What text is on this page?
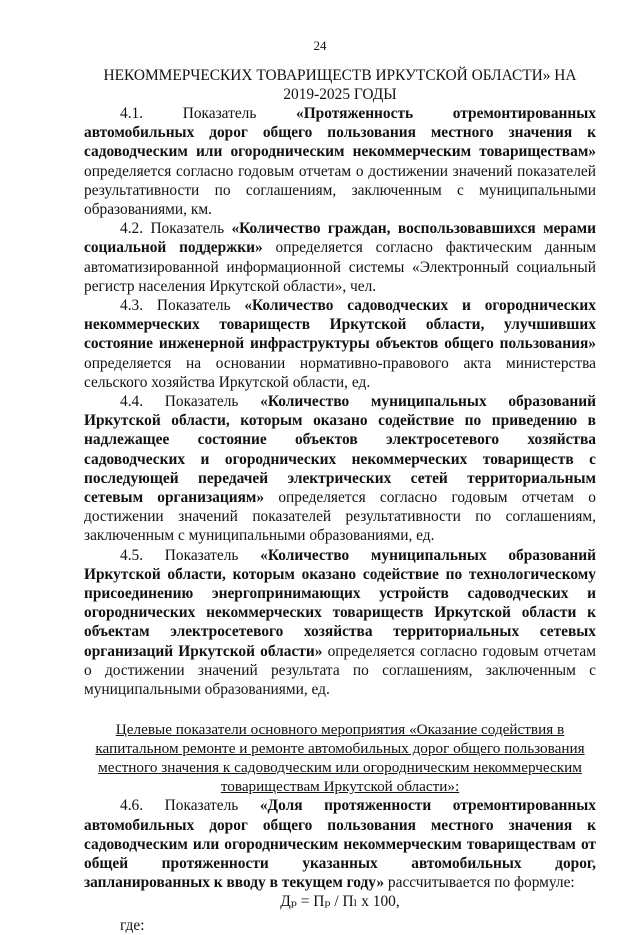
24
НЕКОММЕРЧЕСКИХ ТОВАРИЩЕСТВ ИРКУТСКОЙ ОБЛАСТИ» НА 2019-2025 ГОДЫ

4.1. Показатель «Протяженность отремонтированных автомобильных дорог общего пользования местного значения к садоводческим или огородническим некоммерческим товариществам» определяется согласно годовым отчетам о достижении значений показателей результативности по соглашениям, заключенным с муниципальными образованиями, км.

4.2. Показатель «Количество граждан, воспользовавшихся мерами социальной поддержки» определяется согласно фактическим данным автоматизированной информационной системы «Электронный социальный регистр населения Иркутской области», чел.

4.3. Показатель «Количество садоводческих и огороднических некоммерческих товариществ Иркутской области, улучшивших состояние инженерной инфраструктуры объектов общего пользования» определяется на основании нормативно-правового акта министерства сельского хозяйства Иркутской области, ед.

4.4. Показатель «Количество муниципальных образований Иркутской области, которым оказано содействие по приведению в надлежащее состояние объектов электросетевого хозяйства садоводческих и огороднических некоммерческих товариществ с последующей передачей электрических сетей территориальным сетевым организациям» определяется согласно годовым отчетам о достижении значений показателей результативности по соглашениям, заключенным с муниципальными образованиями, ед.

4.5. Показатель «Количество муниципальных образований Иркутской области, которым оказано содействие по технологическому присоединению энергопринимающих устройств садоводческих и огороднических некоммерческих товариществ Иркутской области к объектам электросетевого хозяйства территориальных сетевых организаций Иркутской области» определяется согласно годовым отчетам о достижении значений результата по соглашениям, заключенным с муниципальными образованиями, ед.

Целевые показатели основного мероприятия «Оказание содействия в капитальном ремонте и ремонте автомобильных дорог общего пользования местного значения к садоводческим или огородническим некоммерческим товариществам Иркутской области»:

4.6. Показатель «Доля протяженности отремонтированных автомобильных дорог общего пользования местного значения к садоводческим или огородническим некоммерческим товариществам от общей протяженности указанных автомобильных дорог, запланированных к вводу в текущем году» рассчитывается по формуле:

Дₚ = Пₚ / Пₗ х 100,

где:
